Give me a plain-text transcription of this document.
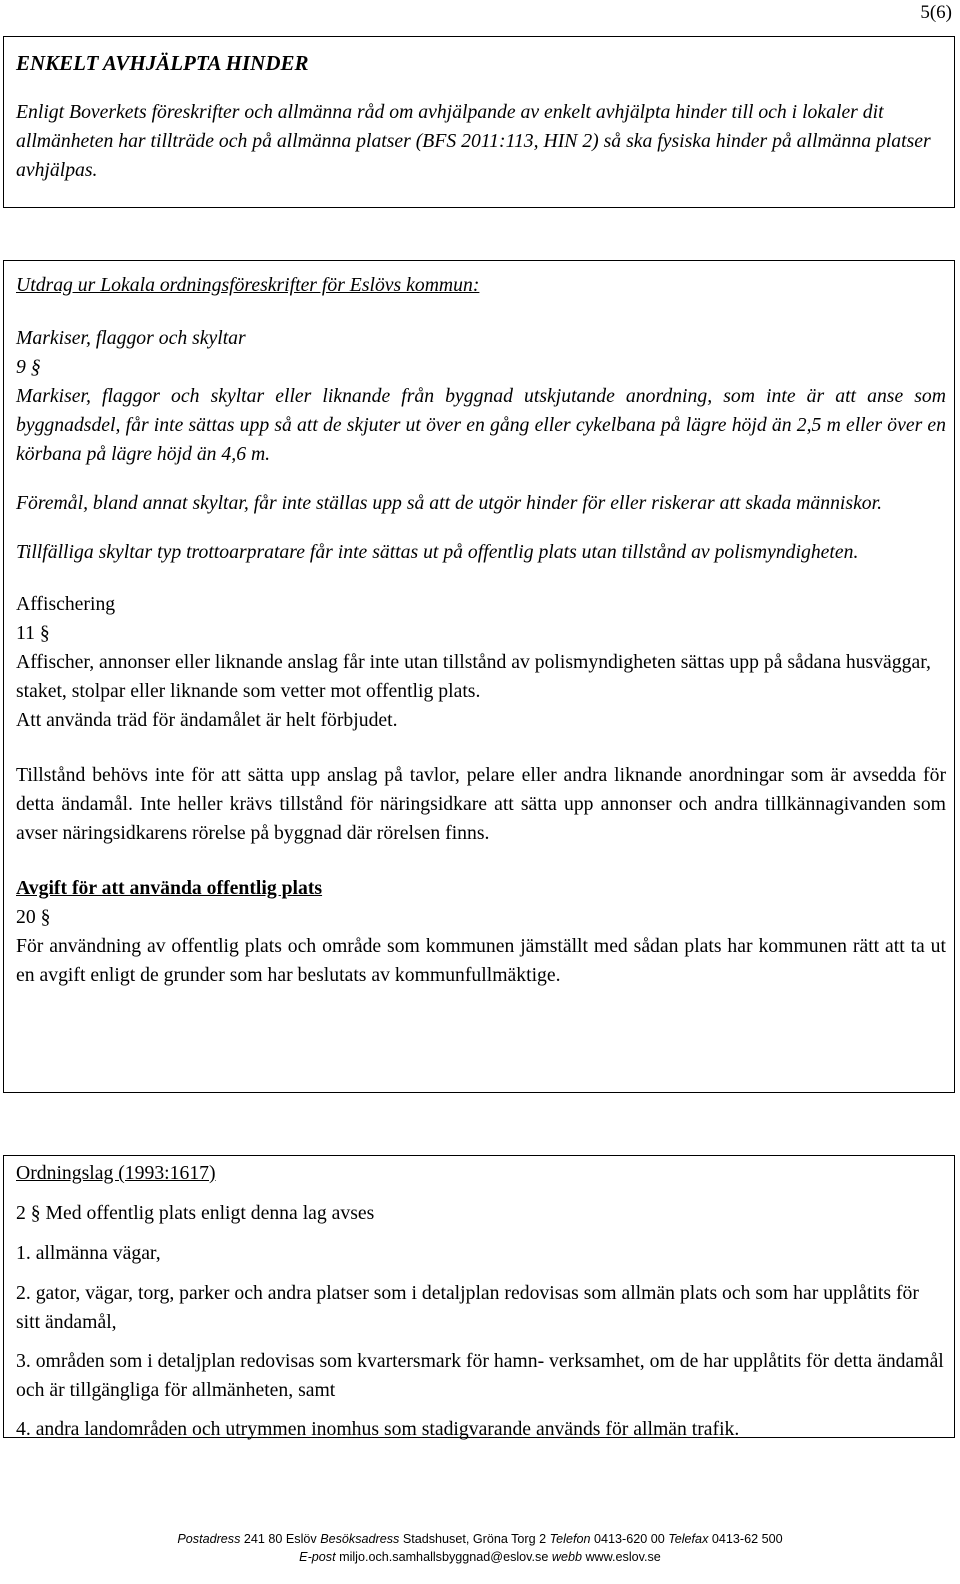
5(6)
ENKELT AVHJÄLPTA HINDER

Enligt Boverkets föreskrifter och allmänna råd om avhjälpande av enkelt avhjälpta hinder till och i lokaler dit allmänheten har tillträde och på allmänna platser (BFS 2011:113, HIN 2) så ska fysiska hinder på allmänna platser avhjälpas.

Utdrag ur Lokala ordningsföreskrifter för Eslövs kommun:

Markiser, flaggor och skyltar

9 §

Markiser, flaggor och skyltar eller liknande från byggnad utskjutande anordning, som inte är att anse som byggnadsdel, får inte sättas upp så att de skjuter ut över en gång eller cykelbana på lägre höjd än 2,5 m eller över en körbana på lägre höjd än 4,6 m.

Föremål, bland annat skyltar, får inte ställas upp så att de utgör hinder för eller riskerar att skada människor.

Tillfälliga skyltar typ trottoarpratare får inte sättas ut på offentlig plats utan tillstånd av polismyndigheten.

Affischering

11 §

Affischer, annonser eller liknande anslag får inte utan tillstånd av polismyndigheten sättas upp på sådana husväggar, staket, stolpar eller liknande som vetter mot offentlig plats.

Att använda träd för ändamålet är helt förbjudet.

Tillstånd behövs inte för att sätta upp anslag på tavlor, pelare eller andra liknande anordningar som är avsedda för detta ändamål. Inte heller krävs tillstånd för näringsidkare att sätta upp annonser och andra tillkännagivanden som avser näringsidkarens rörelse på byggnad där rörelsen finns.

Avgift för att använda offentlig plats

20 §

För användning av offentlig plats och område som kommunen jämställt med sådan plats har kommunen rätt att ta ut en avgift enligt de grunder som har beslutats av kommunfullmäktige.

Ordningslag (1993:1617)

2 § Med offentlig plats enligt denna lag avses

1. allmänna vägar,

2. gator, vägar, torg, parker och andra platser som i detaljplan redovisas som allmän plats och som har upplåtits för sitt ändamål,

3. områden som i detaljplan redovisas som kvartersmark för hamn- verksamhet, om de har upplåtits för detta ändamål och är tillgängliga för allmänheten, samt

4. andra landområden och utrymmen inomhus som stadigvarande används för allmän trafik.

Postadress 241 80 Eslöv Besöksadress Stadshuset, Gröna Torg 2 Telefon 0413-620 00 Telefax 0413-62 500
E-post miljo.och.samhallsbyggnad@eslov.se webb www.eslov.se
